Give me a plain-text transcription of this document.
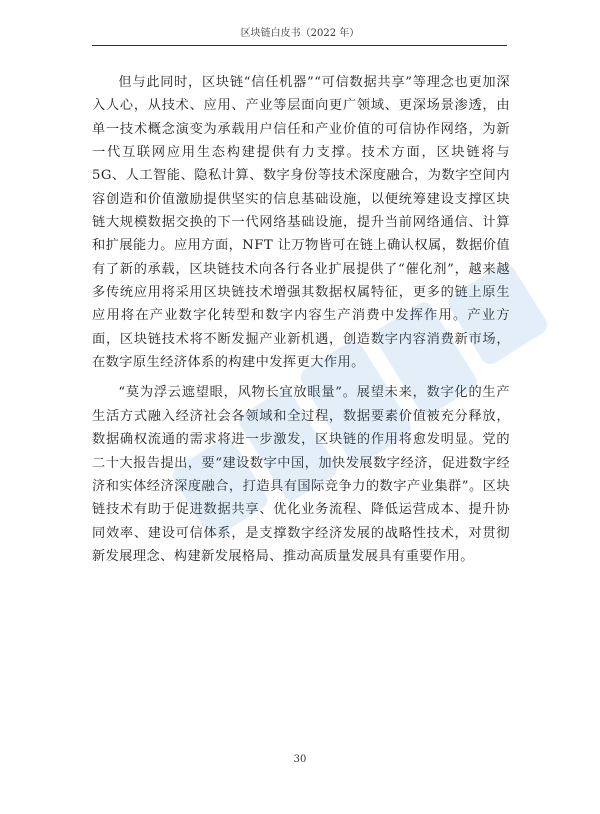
区块链白皮书（2022 年）

但与此同时，区块链“信任机器”“可信数据共享”等理念也更加深入人心，从技术、应用、产业等层面向更广领域、更深场景渗透，由单一技术概念演变为承载用户信任和产业价值的可信协作网络，为新一代互联网应用生态构建提供有力支撑。技术方面，区块链将与 5G、人工智能、隐私计算、数字身份等技术深度融合，为数字空间内容创造和价值激励提供坚实的信息基础设施，以便统筹建设支撑区块链大规模数据交换的下一代网络基础设施，提升当前网络通信、计算和扩展能力。应用方面，NFT 让万物皆可在链上确认权属，数据价值有了新的承载，区块链技术向各行各业扩展提供了“催化剂”，越来越多传统应用将采用区块链技术增强其数据权属特征，更多的链上原生应用将在产业数字化转型和数字内容生产消费中发挥作用。产业方面，区块链技术将不断发掘产业新机遇，创造数字内容消费新市场，在数字原生经济体系的构建中发挥更大作用。

“莫为浮云遮望眼，风物长宜放眼量”。展望未来，数字化的生产生活方式融入经济社会各领域和全过程，数据要素价值被充分释放，数据确权流通的需求将进一步激发，区块链的作用将愈发明显。党的二十大报告提出，要“建设数字中国，加快发展数字经济，促进数字经济和实体经济深度融合，打造具有国际竞争力的数字产业集群”。区块链技术有助于促进数据共享、优化业务流程、降低运营成本、提升协同效率、建设可信体系，是支撑数字经济发展的战略性技术，对贯彻新发展理念、构建新发展格局、推动高质量发展具有重要作用。

30
